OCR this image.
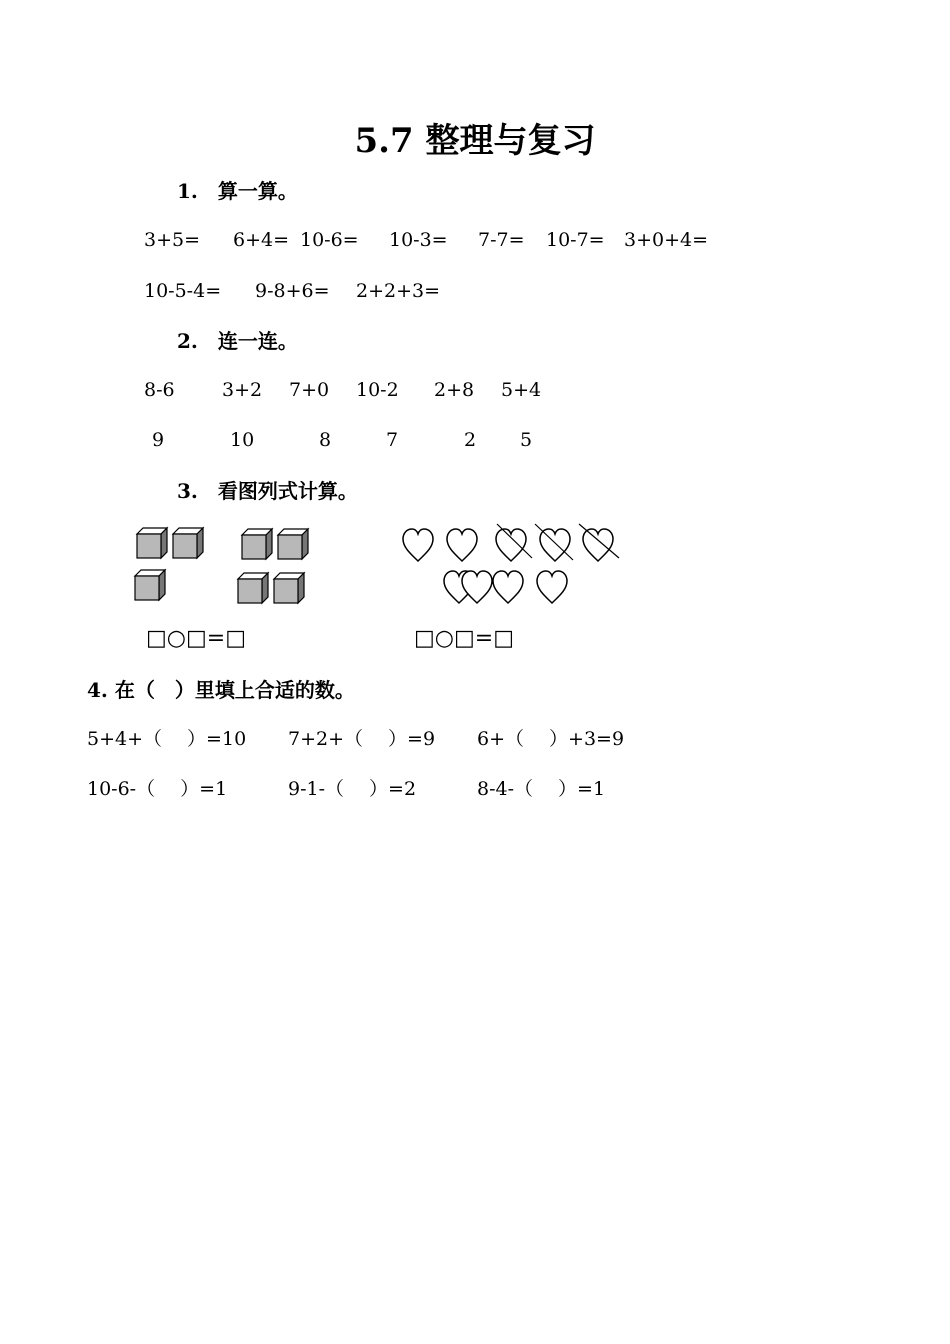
5.7 整理与复习
1.　算一算。
3+5= 6+4= 10-6= 10-3= 7-7= 10-7= 3+0+4=
10-5-4= 9-8+6= 2+2+3=
2.　连一连。
8-6 3+2 7+0 10-2 2+8 5+4
9	10	8	7	2 5
3.　看图列式计算。
□○□=□	□○□=□
4. 在（　）里填上合适的数。
5+4+（　 ）=10 7+2+（　 ）=9 6+（　 ）+3=9
10-6-（　 ）=1	9-1-（　 ）=2	8-4-（　 ）=1
